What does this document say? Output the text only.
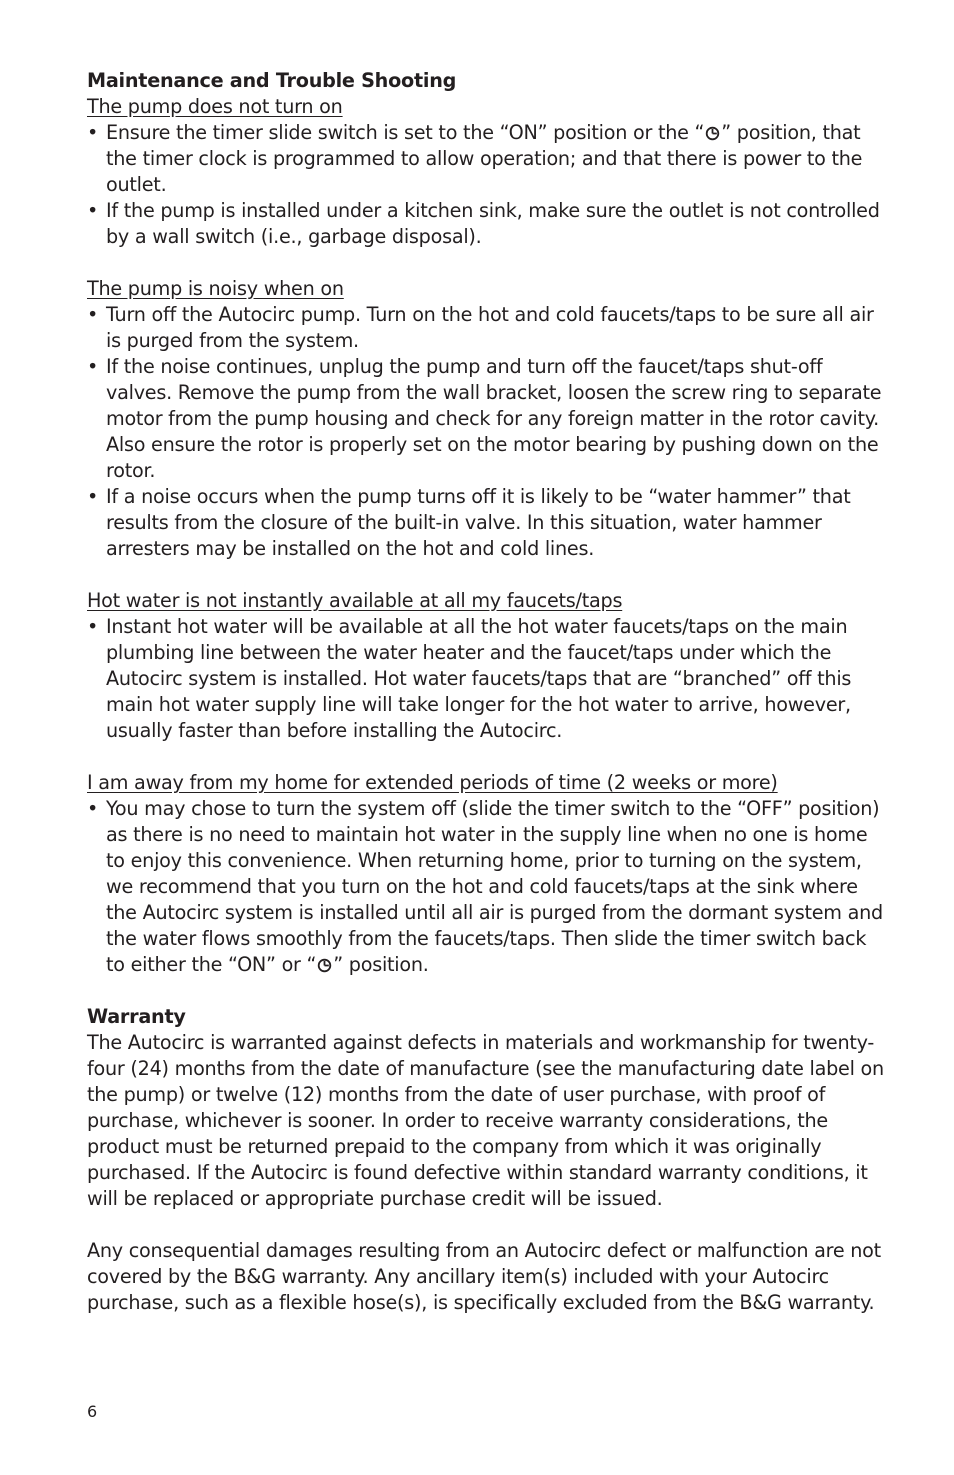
Maintenance and Trouble Shooting

The pump does not turn on

• Ensure the timer slide switch is set to the “ON” position or the “ ” position, that the timer clock is programmed to allow operation; and that there is power to the outlet.
• If the pump is installed under a kitchen sink, make sure the outlet is not controlled by a wall switch (i.e., garbage disposal).

The pump is noisy when on

• Turn off the Autocirc pump. Turn on the hot and cold faucets/taps to be sure all air is purged from the system.
• If the noise continues, unplug the pump and turn off the faucet/taps shut-off valves. Remove the pump from the wall bracket, loosen the screw ring to separate motor from the pump housing and check for any foreign matter in the rotor cavity. Also ensure the rotor is properly set on the motor bearing by pushing down on the rotor.
• If a noise occurs when the pump turns off it is likely to be “water hammer” that results from the closure of the built-in valve. In this situation, water hammer arresters may be installed on the hot and cold lines.

Hot water is not instantly available at all my faucets/taps

• Instant hot water will be available at all the hot water faucets/taps on the main plumbing line between the water heater and the faucet/taps under which the Autocirc system is installed. Hot water faucets/taps that are “branched” off this main hot water supply line will take longer for the hot water to arrive, however, usually faster than before installing the Autocirc.

I am away from my home for extended periods of time (2 weeks or more)

• You may chose to turn the system off (slide the timer switch to the “OFF” position) as there is no need to maintain hot water in the supply line when no one is home to enjoy this convenience. When returning home, prior to turning on the system, we recommend that you turn on the hot and cold faucets/taps at the sink where the Autocirc system is installed until all air is purged from the dormant system and the water flows smoothly from the faucets/taps. Then slide the timer switch back to either the “ON” or “ ” position.

Warranty

The Autocirc is warranted against defects in materials and workmanship for twenty-four (24) months from the date of manufacture (see the manufacturing date label on the pump) or twelve (12) months from the date of user purchase, with proof of purchase, whichever is sooner. In order to receive warranty considerations, the product must be returned prepaid to the company from which it was originally purchased. If the Autocirc is found defective within standard warranty conditions, it will be replaced or appropriate purchase credit will be issued.

Any consequential damages resulting from an Autocirc defect or malfunction are not covered by the B&G warranty. Any ancillary item(s) included with your Autocirc purchase, such as a flexible hose(s), is specifically excluded from the B&G warranty.

6
